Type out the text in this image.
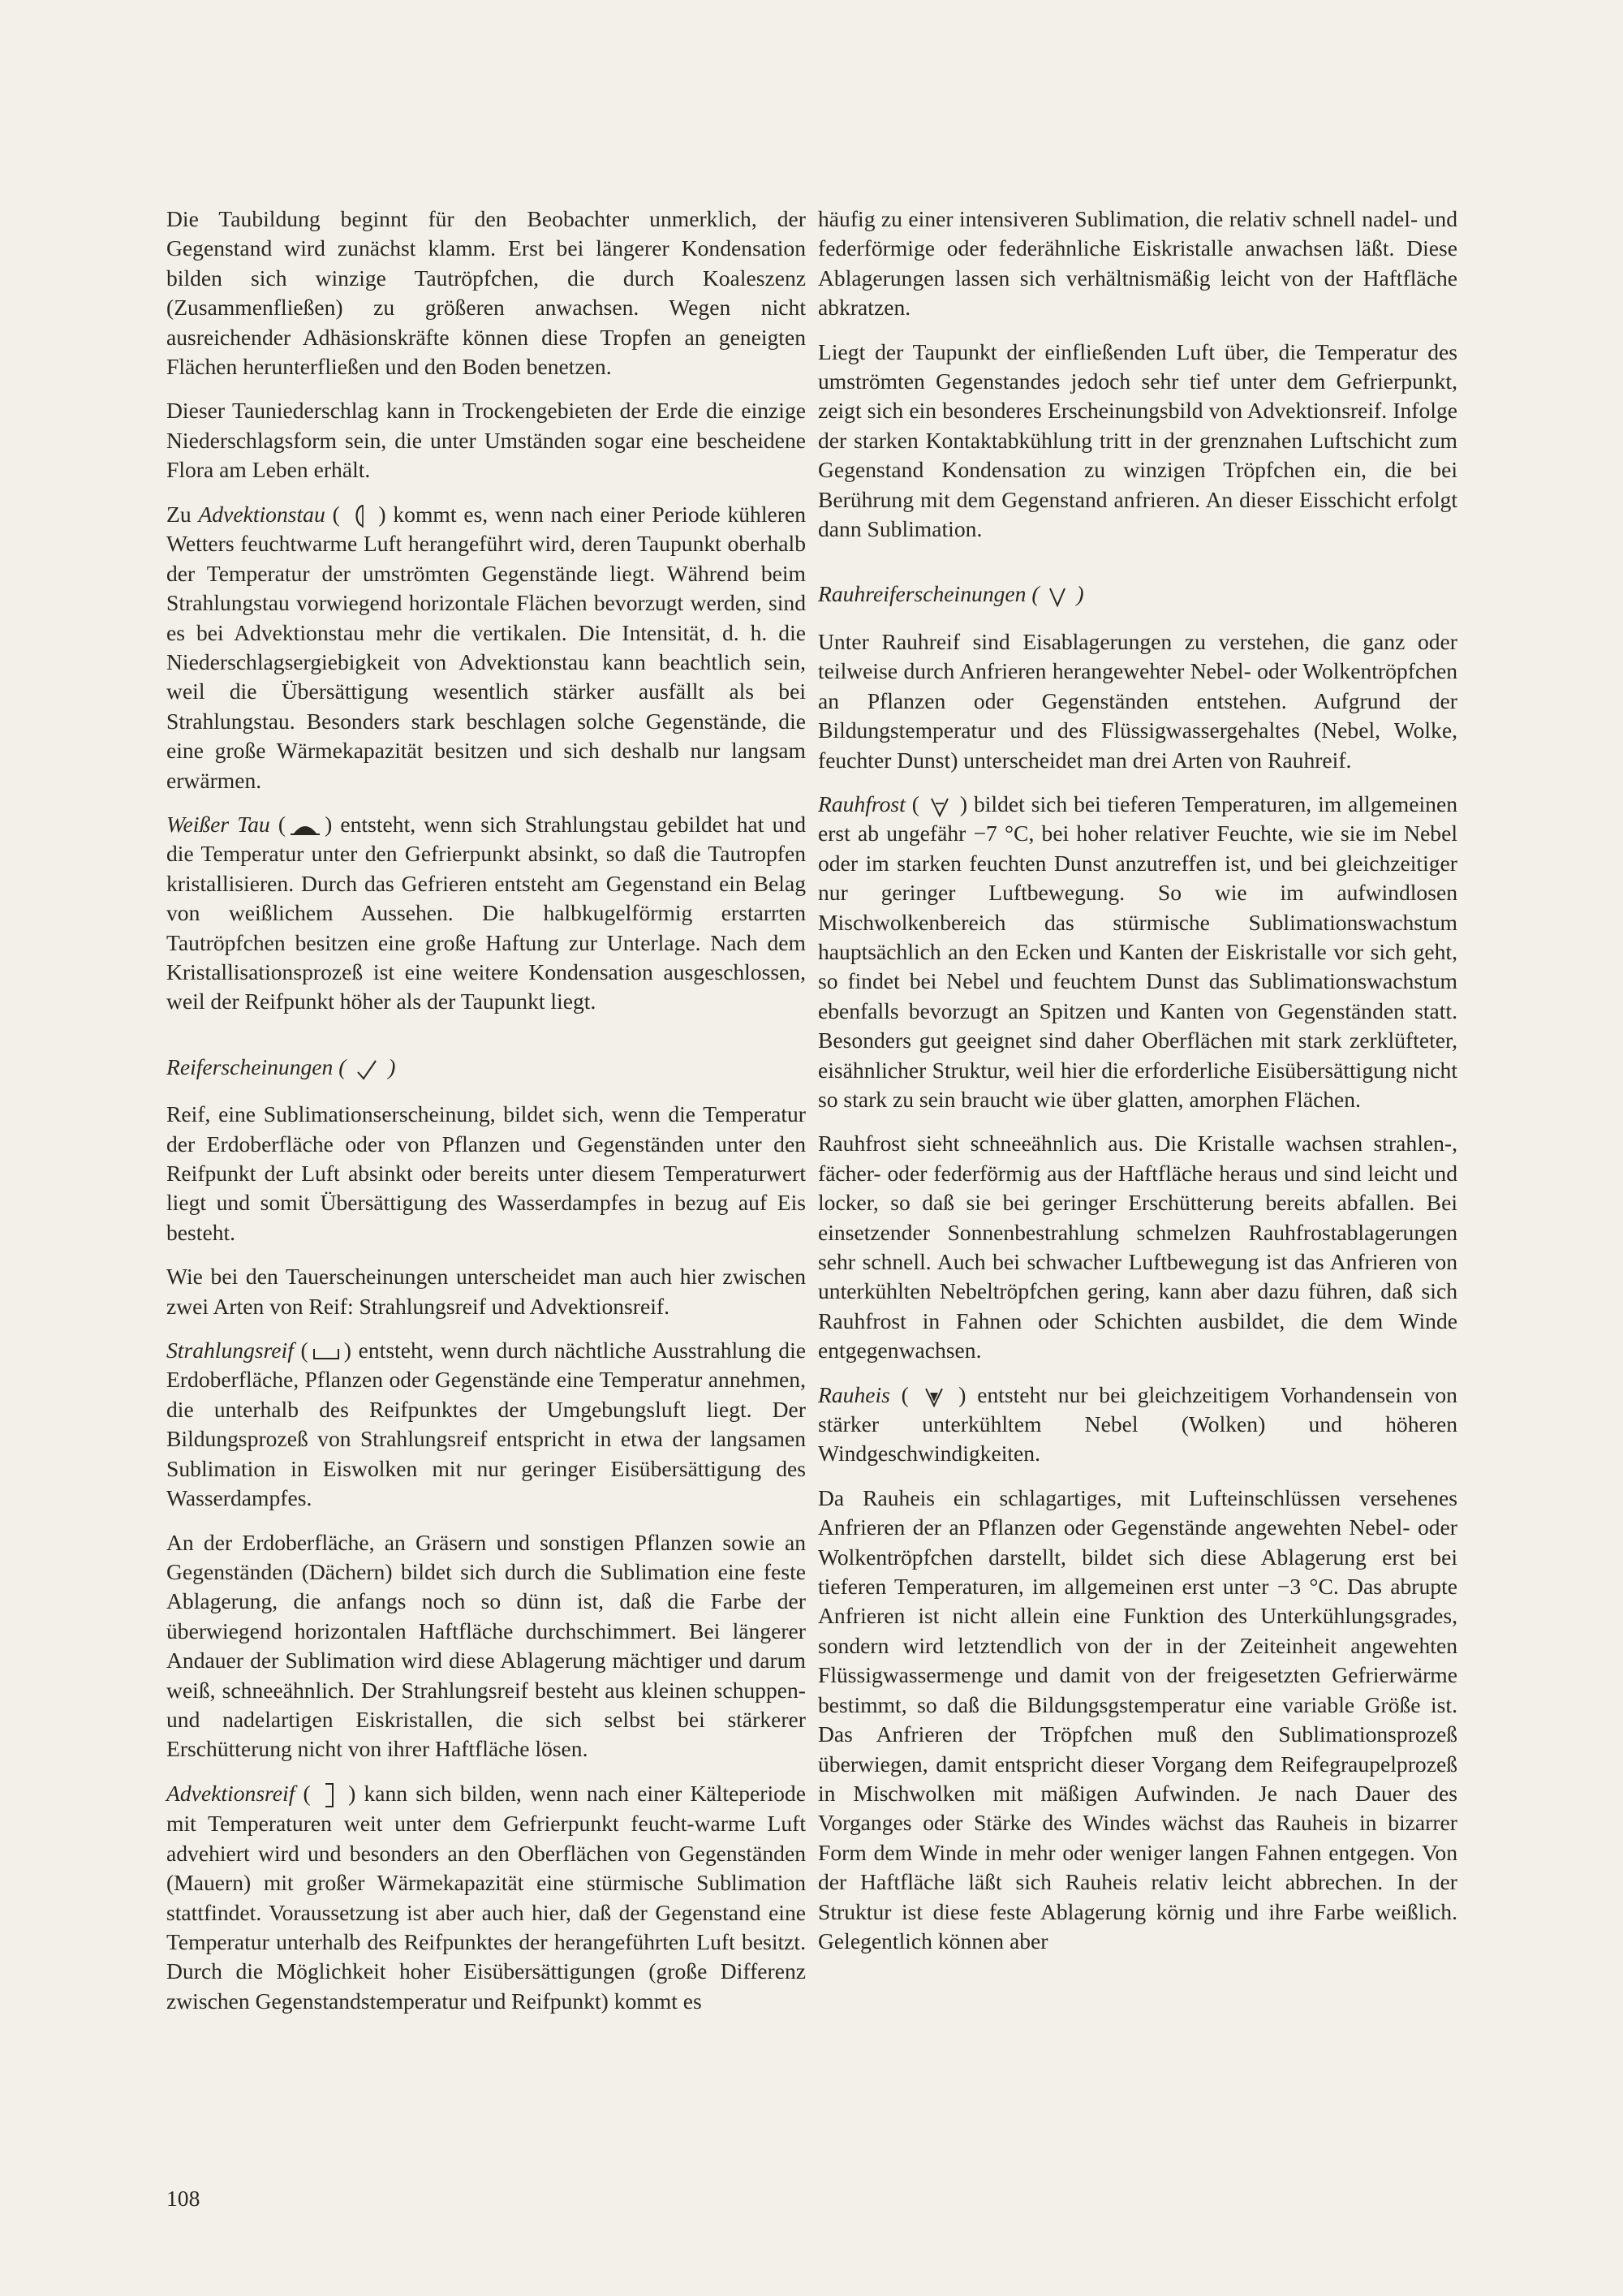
Die Taubildung beginnt für den Beobachter unmerklich, der Gegenstand wird zunächst klamm. Erst bei längerer Kondensation bilden sich winzige Tautröpfchen, die durch Koaleszenz (Zusammenfließen) zu größeren anwachsen. Wegen nicht ausreichender Adhäsionskräfte können diese Tropfen an geneigten Flächen herunterfließen und den Boden benetzen.

Dieser Tauniederschlag kann in Trockengebieten der Erde die einzige Niederschlagsform sein, die unter Umständen sogar eine bescheidene Flora am Leben erhält.

Zu Advektionstau (
) kommt es, wenn nach einer Periode kühleren Wetters feuchtwarme Luft herangeführt wird, deren Taupunkt oberhalb der Temperatur der umströmten Gegenstände liegt. Während beim Strahlungstau vorwiegend horizontale Flächen bevorzugt werden, sind es bei Advektionstau mehr die vertikalen. Die Intensität, d. h. die Niederschlagsergiebigkeit von Advektionstau kann beachtlich sein, weil die Übersättigung wesentlich stärker ausfällt als bei Strahlungstau. Besonders stark beschlagen solche Gegenstände, die eine große Wärmekapazität besitzen und sich deshalb nur langsam erwärmen.

Weißer Tau ( ) entsteht, wenn sich Strahlungstau gebildet hat und die Temperatur unter den Gefrierpunkt absinkt, so daß die Tautropfen kristallisieren. Durch das Gefrieren entsteht am Gegenstand ein Belag von weißlichem Aussehen. Die halbkugelförmig erstarrten Tautröpfchen besitzen eine große Haftung zur Unterlage. Nach dem Kristallisationsprozeß ist eine weitere Kondensation ausgeschlossen, weil der Reifpunkt höher als der Taupunkt liegt.

Reiferscheinungen (
)

Reif, eine Sublimationserscheinung, bildet sich, wenn die Temperatur der Erdoberfläche oder von Pflanzen und Gegenständen unter den Reifpunkt der Luft absinkt oder bereits unter diesem Temperaturwert liegt und somit Übersättigung des Wasserdampfes in bezug auf Eis besteht.

Wie bei den Tauerscheinungen unterscheidet man auch hier zwischen zwei Arten von Reif: Strahlungsreif und Advektionsreif.

Strahlungsreif ( ) entsteht, wenn durch nächtliche Ausstrahlung die Erdoberfläche, Pflanzen oder Gegenstände eine Temperatur annehmen, die unterhalb des Reifpunktes der Umgebungsluft liegt. Der Bildungsprozeß von Strahlungsreif entspricht in etwa der langsamen Sublimation in Eiswolken mit nur geringer Eisübersättigung des Wasserdampfes.

An der Erdoberfläche, an Gräsern und sonstigen Pflanzen sowie an Gegenständen (Dächern) bildet sich durch die Sublimation eine feste Ablagerung, die anfangs noch so dünn ist, daß die Farbe der überwiegend horizontalen Haftfläche durchschimmert. Bei längerer Andauer der Sublimation wird diese Ablagerung mächtiger und darum weiß, schneeähnlich. Der Strahlungsreif besteht aus kleinen schuppen- und nadelartigen Eiskristallen, die sich selbst bei stärkerer Erschütterung nicht von ihrer Haftfläche lösen.

Advektionsreif (
) kann sich bilden, wenn nach einer Kälteperiode mit Temperaturen weit unter dem Gefrierpunkt feucht-warme Luft advehiert wird und besonders an den Oberflächen von Gegenständen (Mauern) mit großer Wärmekapazität eine stürmische Sublimation stattfindet. Voraussetzung ist aber auch hier, daß der Gegenstand eine Temperatur unterhalb des Reifpunktes der herangeführten Luft besitzt. Durch die Möglichkeit hoher Eisübersättigungen (große Differenz zwischen Gegenstandstemperatur und Reifpunkt) kommt es

häufig zu einer intensiveren Sublimation, die relativ schnell nadel- und federförmige oder federähnliche Eiskristalle anwachsen läßt. Diese Ablagerungen lassen sich verhältnismäßig leicht von der Haftfläche abkratzen.

Liegt der Taupunkt der einfließenden Luft über, die Temperatur des umströmten Gegenstandes jedoch sehr tief unter dem Gefrierpunkt, zeigt sich ein besonderes Erscheinungsbild von Advektionsreif. Infolge der starken Kontaktabkühlung tritt in der grenznahen Luftschicht zum Gegenstand Kondensation zu winzigen Tröpfchen ein, die bei Berührung mit dem Gegenstand anfrieren. An dieser Eisschicht erfolgt dann Sublimation.

Rauhreiferscheinungen (
)

Unter Rauhreif sind Eisablagerungen zu verstehen, die ganz oder teilweise durch Anfrieren herangewehter Nebel- oder Wolkentröpfchen an Pflanzen oder Gegenständen entstehen. Aufgrund der Bildungstemperatur und des Flüssigwassergehaltes (Nebel, Wolke, feuchter Dunst) unterscheidet man drei Arten von Rauhreif.

Rauhfrost (
) bildet sich bei tieferen Temperaturen, im allgemeinen erst ab ungefähr −7 °C, bei hoher relativer Feuchte, wie sie im Nebel oder im starken feuchten Dunst anzutreffen ist, und bei gleichzeitiger nur geringer Luftbewegung. So wie im aufwindlosen Mischwolkenbereich das stürmische Sublimationswachstum hauptsächlich an den Ecken und Kanten der Eiskristalle vor sich geht, so findet bei Nebel und feuchtem Dunst das Sublimationswachstum ebenfalls bevorzugt an Spitzen und Kanten von Gegenständen statt. Besonders gut geeignet sind daher Oberflächen mit stark zerklüfteter, eisähnlicher Struktur, weil hier die erforderliche Eisübersättigung nicht so stark zu sein braucht wie über glatten, amorphen Flächen.

Rauhfrost sieht schneeähnlich aus. Die Kristalle wachsen strahlen-, fächer- oder federförmig aus der Haftfläche heraus und sind leicht und locker, so daß sie bei geringer Erschütterung bereits abfallen. Bei einsetzender Sonnenbestrahlung schmelzen Rauhfrostablagerungen sehr schnell. Auch bei schwacher Luftbewegung ist das Anfrieren von unterkühlten Nebeltröpfchen gering, kann aber dazu führen, daß sich Rauhfrost in Fahnen oder Schichten ausbildet, die dem Winde entgegenwachsen.

Rauheis (
) entsteht nur bei gleichzeitigem Vorhandensein von stärker unterkühltem Nebel (Wolken) und höheren Windgeschwindigkeiten.

Da Rauheis ein schlagartiges, mit Lufteinschlüssen versehenes Anfrieren der an Pflanzen oder Gegenstände angewehten Nebel- oder Wolkentröpfchen darstellt, bildet sich diese Ablagerung erst bei tieferen Temperaturen, im allgemeinen erst unter −3 °C. Das abrupte Anfrieren ist nicht allein eine Funktion des Unterkühlungsgrades, sondern wird letztendlich von der in der Zeiteinheit angewehten Flüssigwassermenge und damit von der freigesetzten Gefrierwärme bestimmt, so daß die Bildungsgstemperatur eine variable Größe ist. Das Anfrieren der Tröpfchen muß den Sublimationsprozeß überwiegen, damit entspricht dieser Vorgang dem Reifegraupelprozeß in Mischwolken mit mäßigen Aufwinden. Je nach Dauer des Vorganges oder Stärke des Windes wächst das Rauheis in bizarrer Form dem Winde in mehr oder weniger langen Fahnen entgegen. Von der Haftfläche läßt sich Rauheis relativ leicht abbrechen. In der Struktur ist diese feste Ablagerung körnig und ihre Farbe weißlich. Gelegentlich können aber

108
